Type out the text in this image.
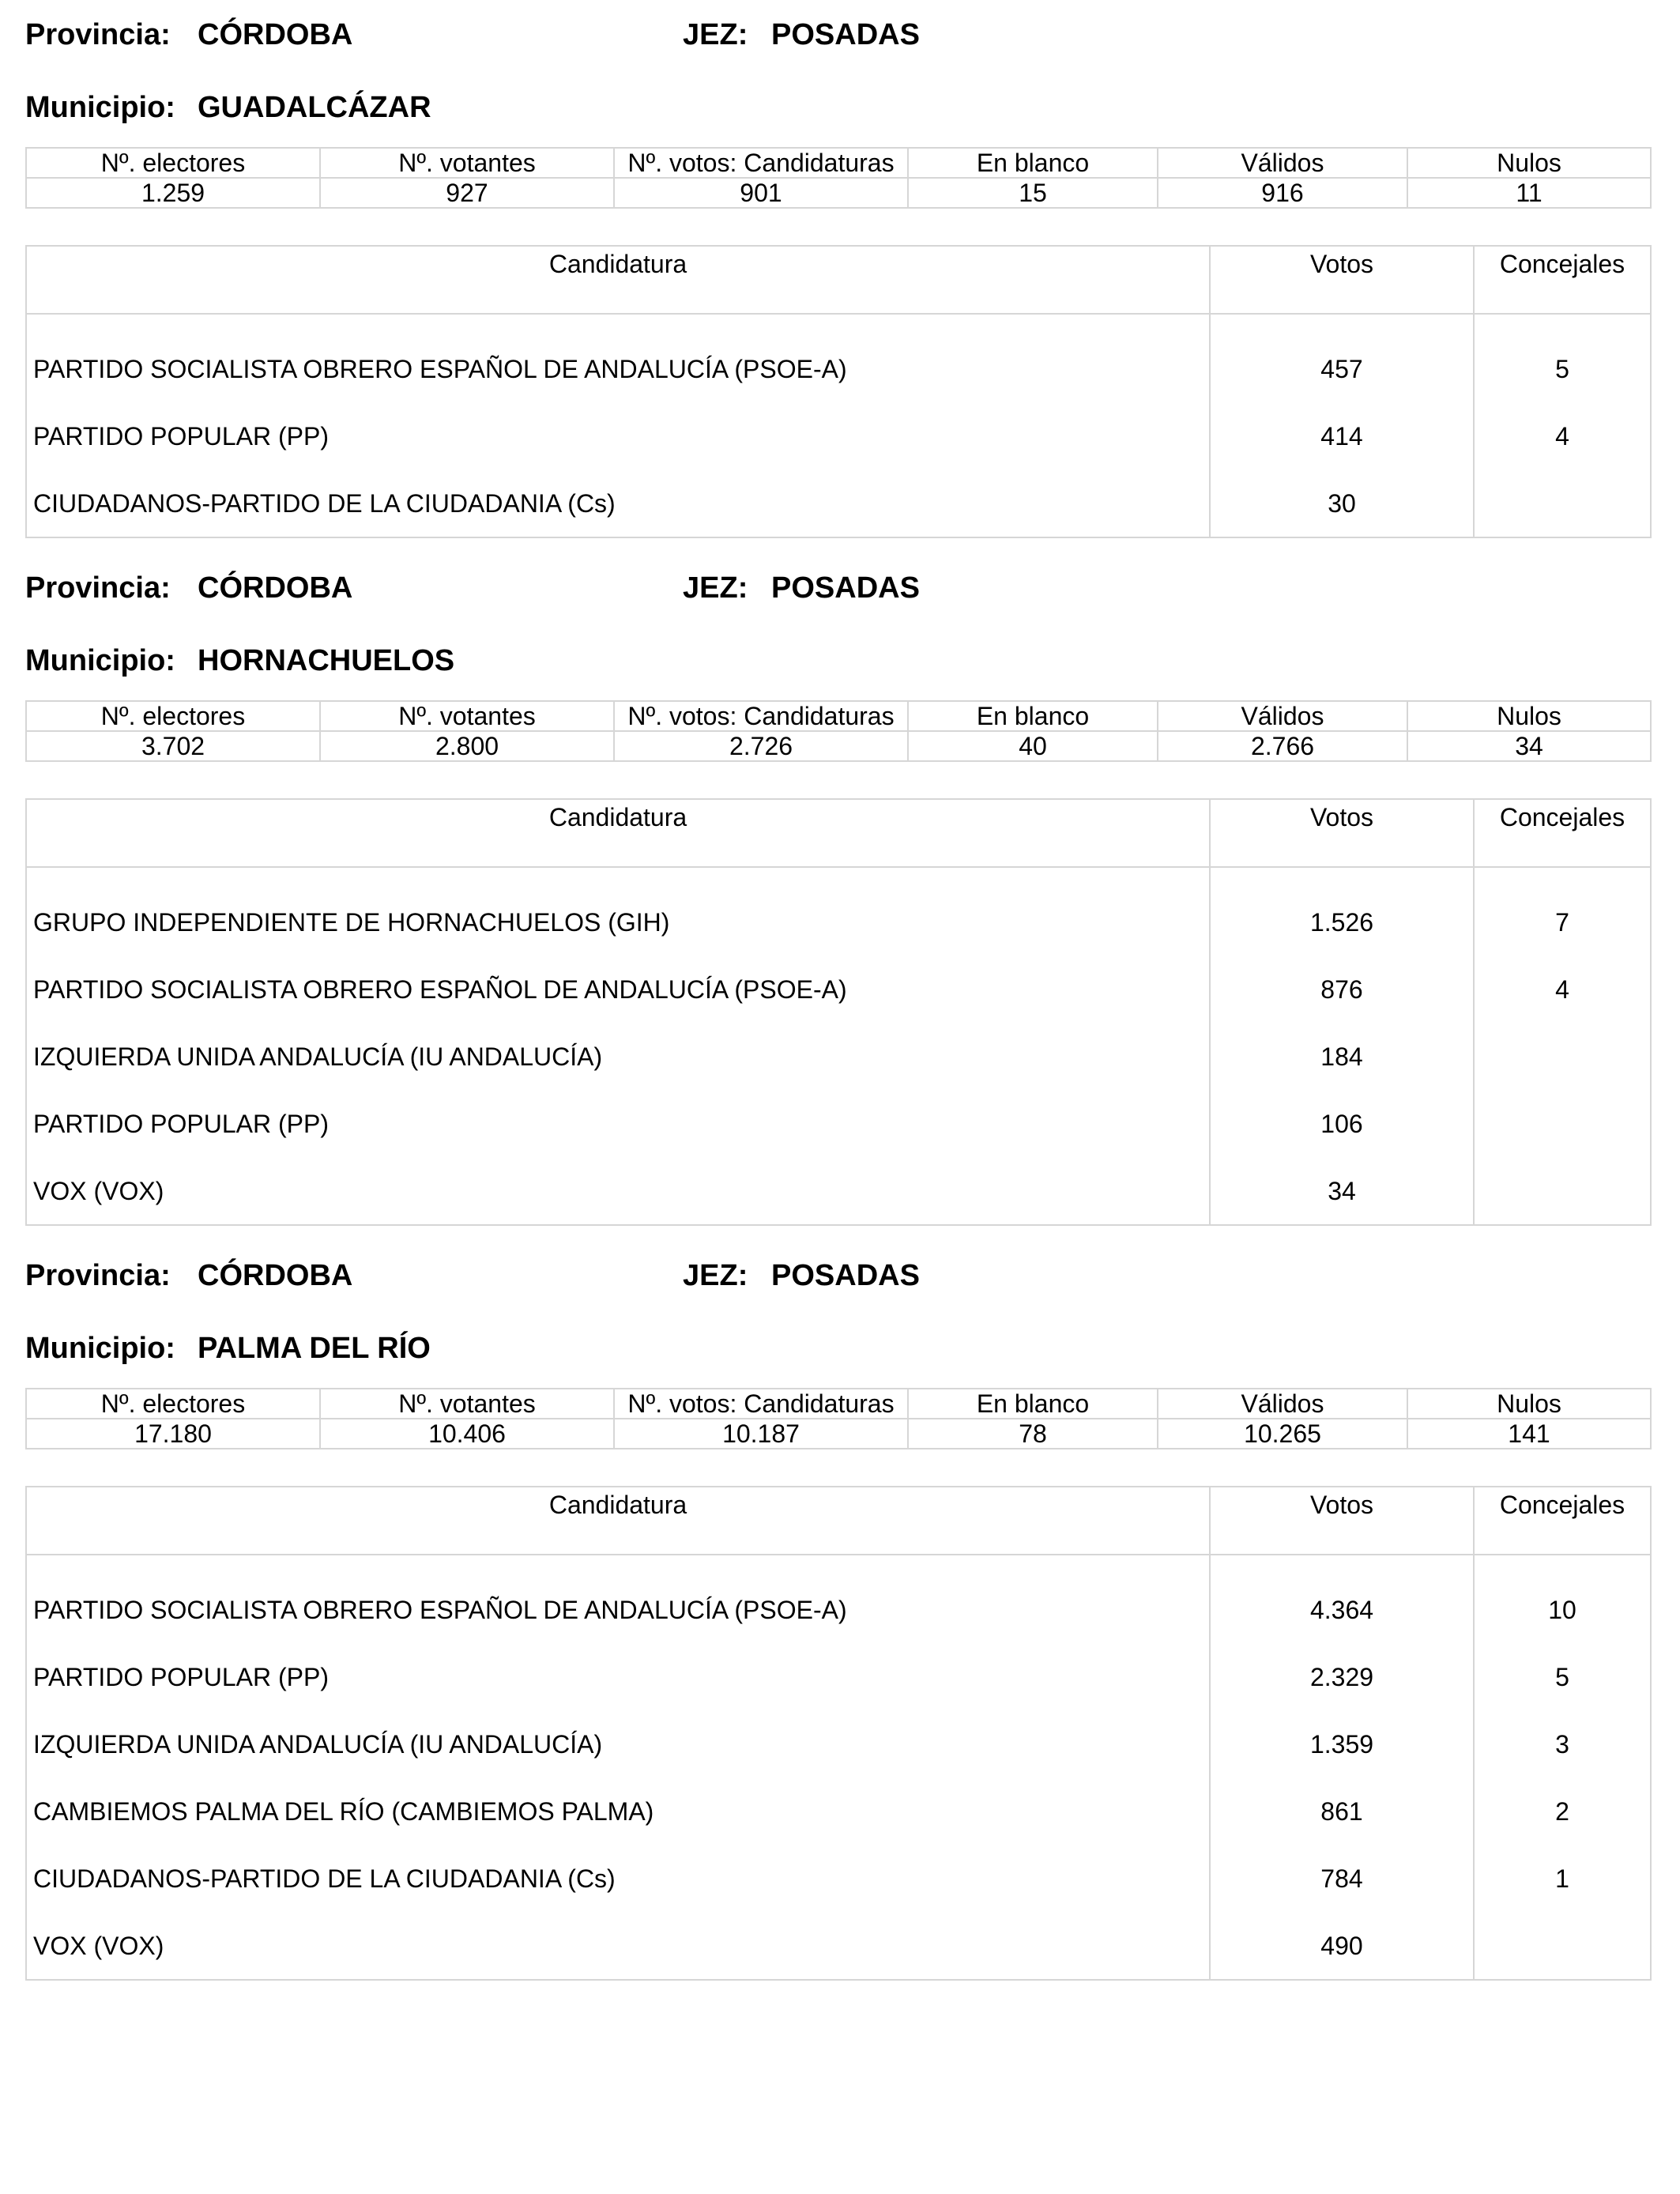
Provincia: CÓRDOBA	JEZ: POSADAS
Municipio: GUADALCÁZAR
Nº. electores	Nº. votantes	Nº. votos: Candidaturas	En blanco	Válidos	Nulos
1.259	927	901	15	916	11
Candidatura	Votos	Concejales
PARTIDO SOCIALISTA OBRERO ESPAÑOL DE ANDALUCÍA (PSOE-A)	457	5
PARTIDO POPULAR (PP)	414	4
CIUDADANOS-PARTIDO DE LA CIUDADANIA (Cs)	30	
Provincia: CÓRDOBA	JEZ: POSADAS
Municipio: HORNACHUELOS
Nº. electores	Nº. votantes	Nº. votos: Candidaturas	En blanco	Válidos	Nulos
3.702	2.800	2.726	40	2.766	34
Candidatura	Votos	Concejales
GRUPO INDEPENDIENTE DE HORNACHUELOS (GIH)	1.526	7
PARTIDO SOCIALISTA OBRERO ESPAÑOL DE ANDALUCÍA (PSOE-A)	876	4
IZQUIERDA UNIDA ANDALUCÍA (IU ANDALUCÍA)	184	
PARTIDO POPULAR (PP)	106	
VOX (VOX)	34	
Provincia: CÓRDOBA	JEZ: POSADAS
Municipio: PALMA DEL RÍO
Nº. electores	Nº. votantes	Nº. votos: Candidaturas	En blanco	Válidos	Nulos
17.180	10.406	10.187	78	10.265	141
Candidatura	Votos	Concejales
PARTIDO SOCIALISTA OBRERO ESPAÑOL DE ANDALUCÍA (PSOE-A)	4.364	10
PARTIDO POPULAR (PP)	2.329	5
IZQUIERDA UNIDA ANDALUCÍA (IU ANDALUCÍA)	1.359	3
CAMBIEMOS PALMA DEL RÍO (CAMBIEMOS PALMA)	861	2
CIUDADANOS-PARTIDO DE LA CIUDADANIA (Cs)	784	1
VOX (VOX)	490	
